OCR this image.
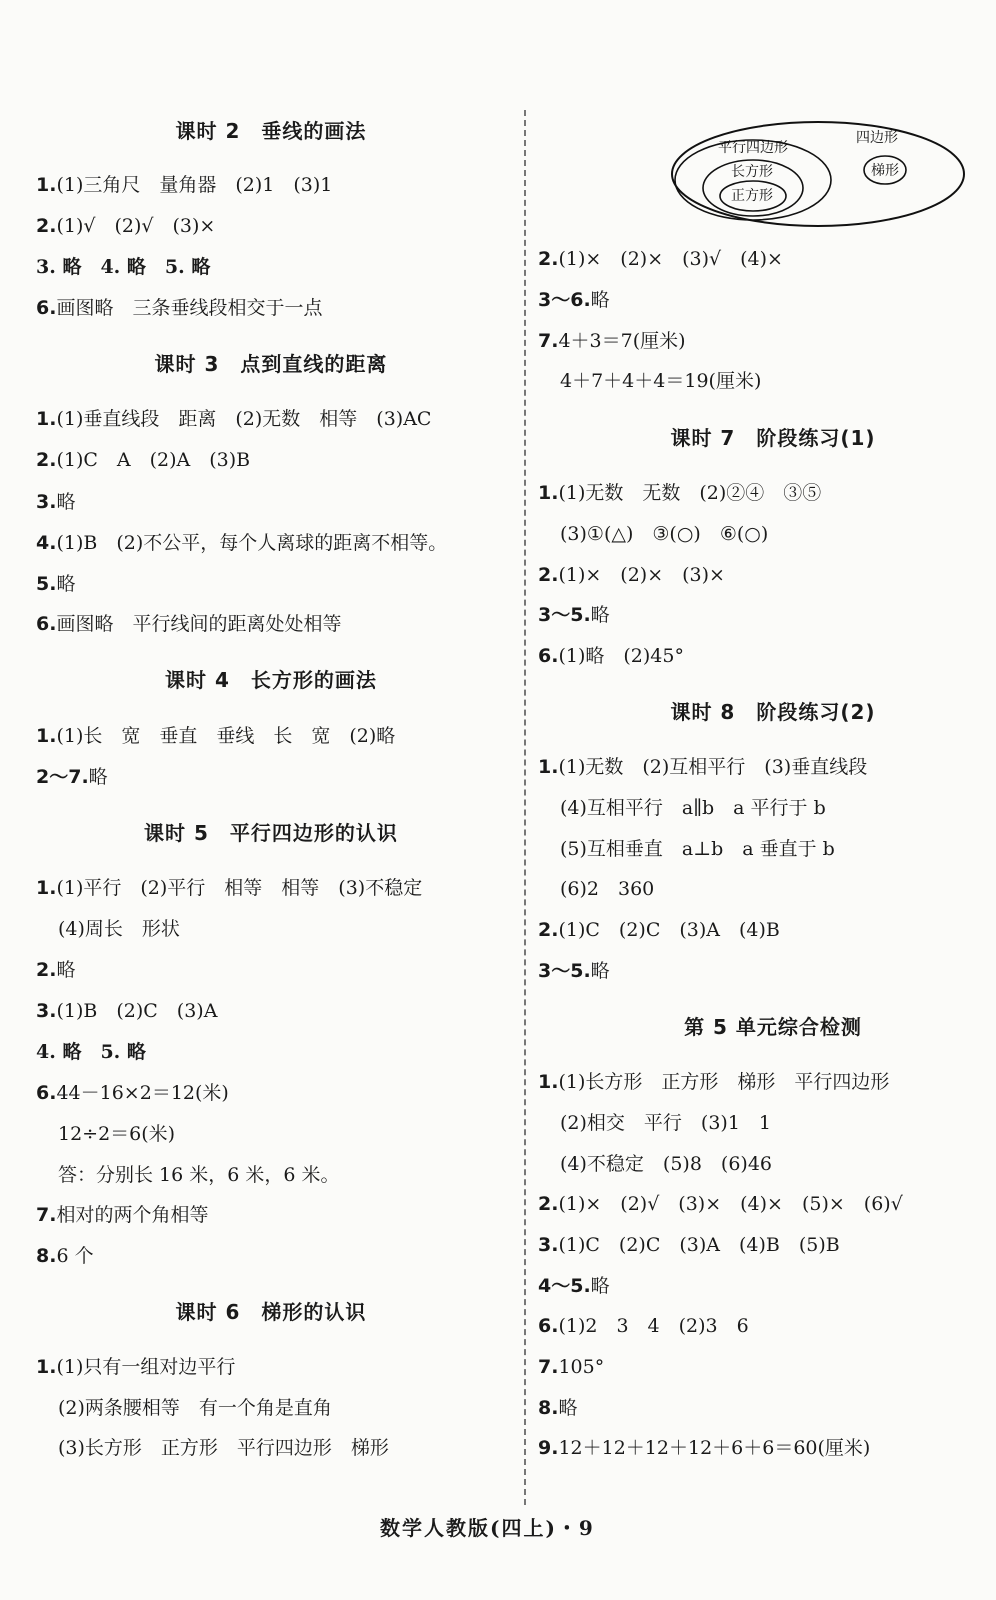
课时 2　垂线的画法
1.(1)三角尺　量角器　(2)1　(3)1
2.(1)√　(2)√　(3)×
3. 略　4. 略　5. 略
6.画图略　三条垂线段相交于一点
课时 3　点到直线的距离
1.(1)垂直线段　距离　(2)无数　相等　(3)AC
2.(1)C　A　(2)A　(3)B
3.略
4.(1)B　(2)不公平，每个人离球的距离不相等。
5.略
6.画图略　平行线间的距离处处相等
课时 4　长方形的画法
1.(1)长　宽　垂直　垂线　长　宽　(2)略
2～7.略
课时 5　平行四边形的认识
1.(1)平行　(2)平行　相等　相等　(3)不稳定
(4)周长　形状
2.略
3.(1)B　(2)C　(3)A
4. 略　5. 略
6.44－16×2＝12(米)
12÷2＝6(米)
答：分别长 16 米，6 米，6 米。
7.相对的两个角相等
8.6 个
课时 6　梯形的认识
1.(1)只有一组对边平行
(2)两条腰相等　有一个角是直角
(3)长方形　正方形　平行四边形　梯形
四边形
平行四边形
长方形
正方形
梯形
2.(1)×　(2)×　(3)√　(4)×
3～6.略
7.4＋3＝7(厘米)
4＋7＋4＋4＝19(厘米)
课时 7　阶段练习(1)
1.(1)无数　无数　(2)②④　③⑤
(3)①(△)　③(○)　⑥(○)
2.(1)×　(2)×　(3)×
3～5.略
6.(1)略　(2)45°
课时 8　阶段练习(2)
1.(1)无数　(2)互相平行　(3)垂直线段
(4)互相平行　a∥b　a 平行于 b
(5)互相垂直　a⊥b　a 垂直于 b
(6)2　360
2.(1)C　(2)C　(3)A　(4)B
3～5.略
第 5 单元综合检测
1.(1)长方形　正方形　梯形　平行四边形
(2)相交　平行　(3)1　1
(4)不稳定　(5)8　(6)46
2.(1)×　(2)√　(3)×　(4)×　(5)×　(6)√
3.(1)C　(2)C　(3)A　(4)B　(5)B
4～5.略
6.(1)2　3　4　(2)3　6
7.105°
8.略
9.12＋12＋12＋12＋6＋6＝60(厘米)
数学人教版(四上)・9
